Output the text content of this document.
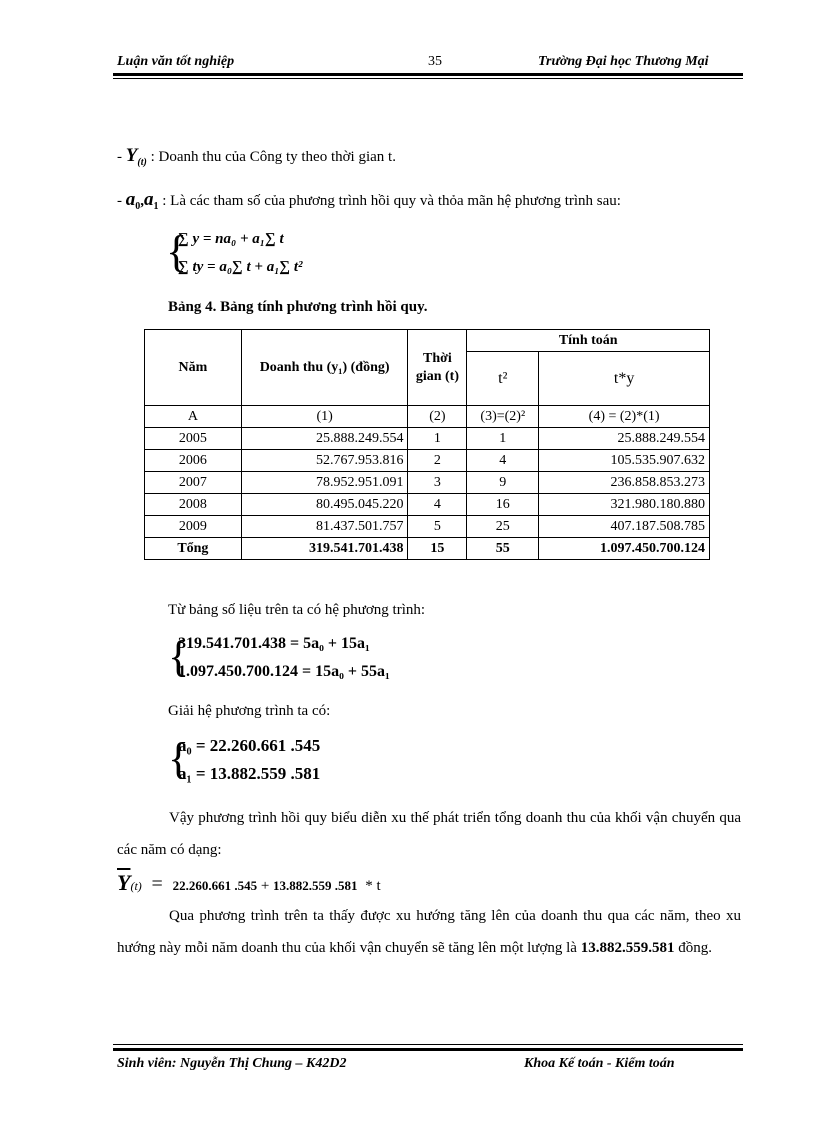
Luận văn tốt nghiệp	35	Trường Đại học Thương Mại
- $Y_{(t)}$ : Doanh thu của Công ty theo thời gian t.
- $a_0,a_1$ : Là các tham số của phương trình hồi quy và thỏa mãn hệ phương trình sau:
{
∑ y = na₀ + a₁∑ t
∑ ty = a₀∑ t + a₁∑ t²
Bảng 4. Bảng tính phương trình hồi quy.
Năm	Doanh thu (y₁) (đồng)	Thời gian (t)	Tính toán	
			t²	t*y
A	(1)	(2)	(3)=(2)²	(4) = (2)*(1)
2005	25.888.249.554	1	1	25.888.249.554
2006	52.767.953.816	2	4	105.535.907.632
2007	78.952.951.091	3	9	236.858.853.273
2008	80.495.045.220	4	16	321.980.180.880
2009	81.437.501.757	5	25	407.187.508.785
Tổng	319.541.701.438	15	55	1.097.450.700.124
Từ bảng số liệu trên ta có hệ phương trình:
{
319.541.701.438 = 5a₀ + 15a₁
1.097.450.700.124 = 15a₀ + 55a₁
Giải hệ phương trình ta có:
{
a₀ = 22.260.661 .545
a₁ = 13.882.559 .581
Vậy phương trình hồi quy biểu diễn xu thế phát triển tổng doanh thu của khối vận chuyển qua các năm có dạng:
$\overline{Y}(t) = 22.260.661$ .545 + 13.882.559 .581 * t
Qua phương trình trên ta thấy được xu hướng tăng lên của doanh thu qua các năm, theo xu hướng này mỗi năm doanh thu của khối vận chuyển sẽ tăng lên một lượng là 13.882.559.581 đồng.
Sinh viên: Nguyễn Thị Chung – K42D2	Khoa Kế toán - Kiểm toán
